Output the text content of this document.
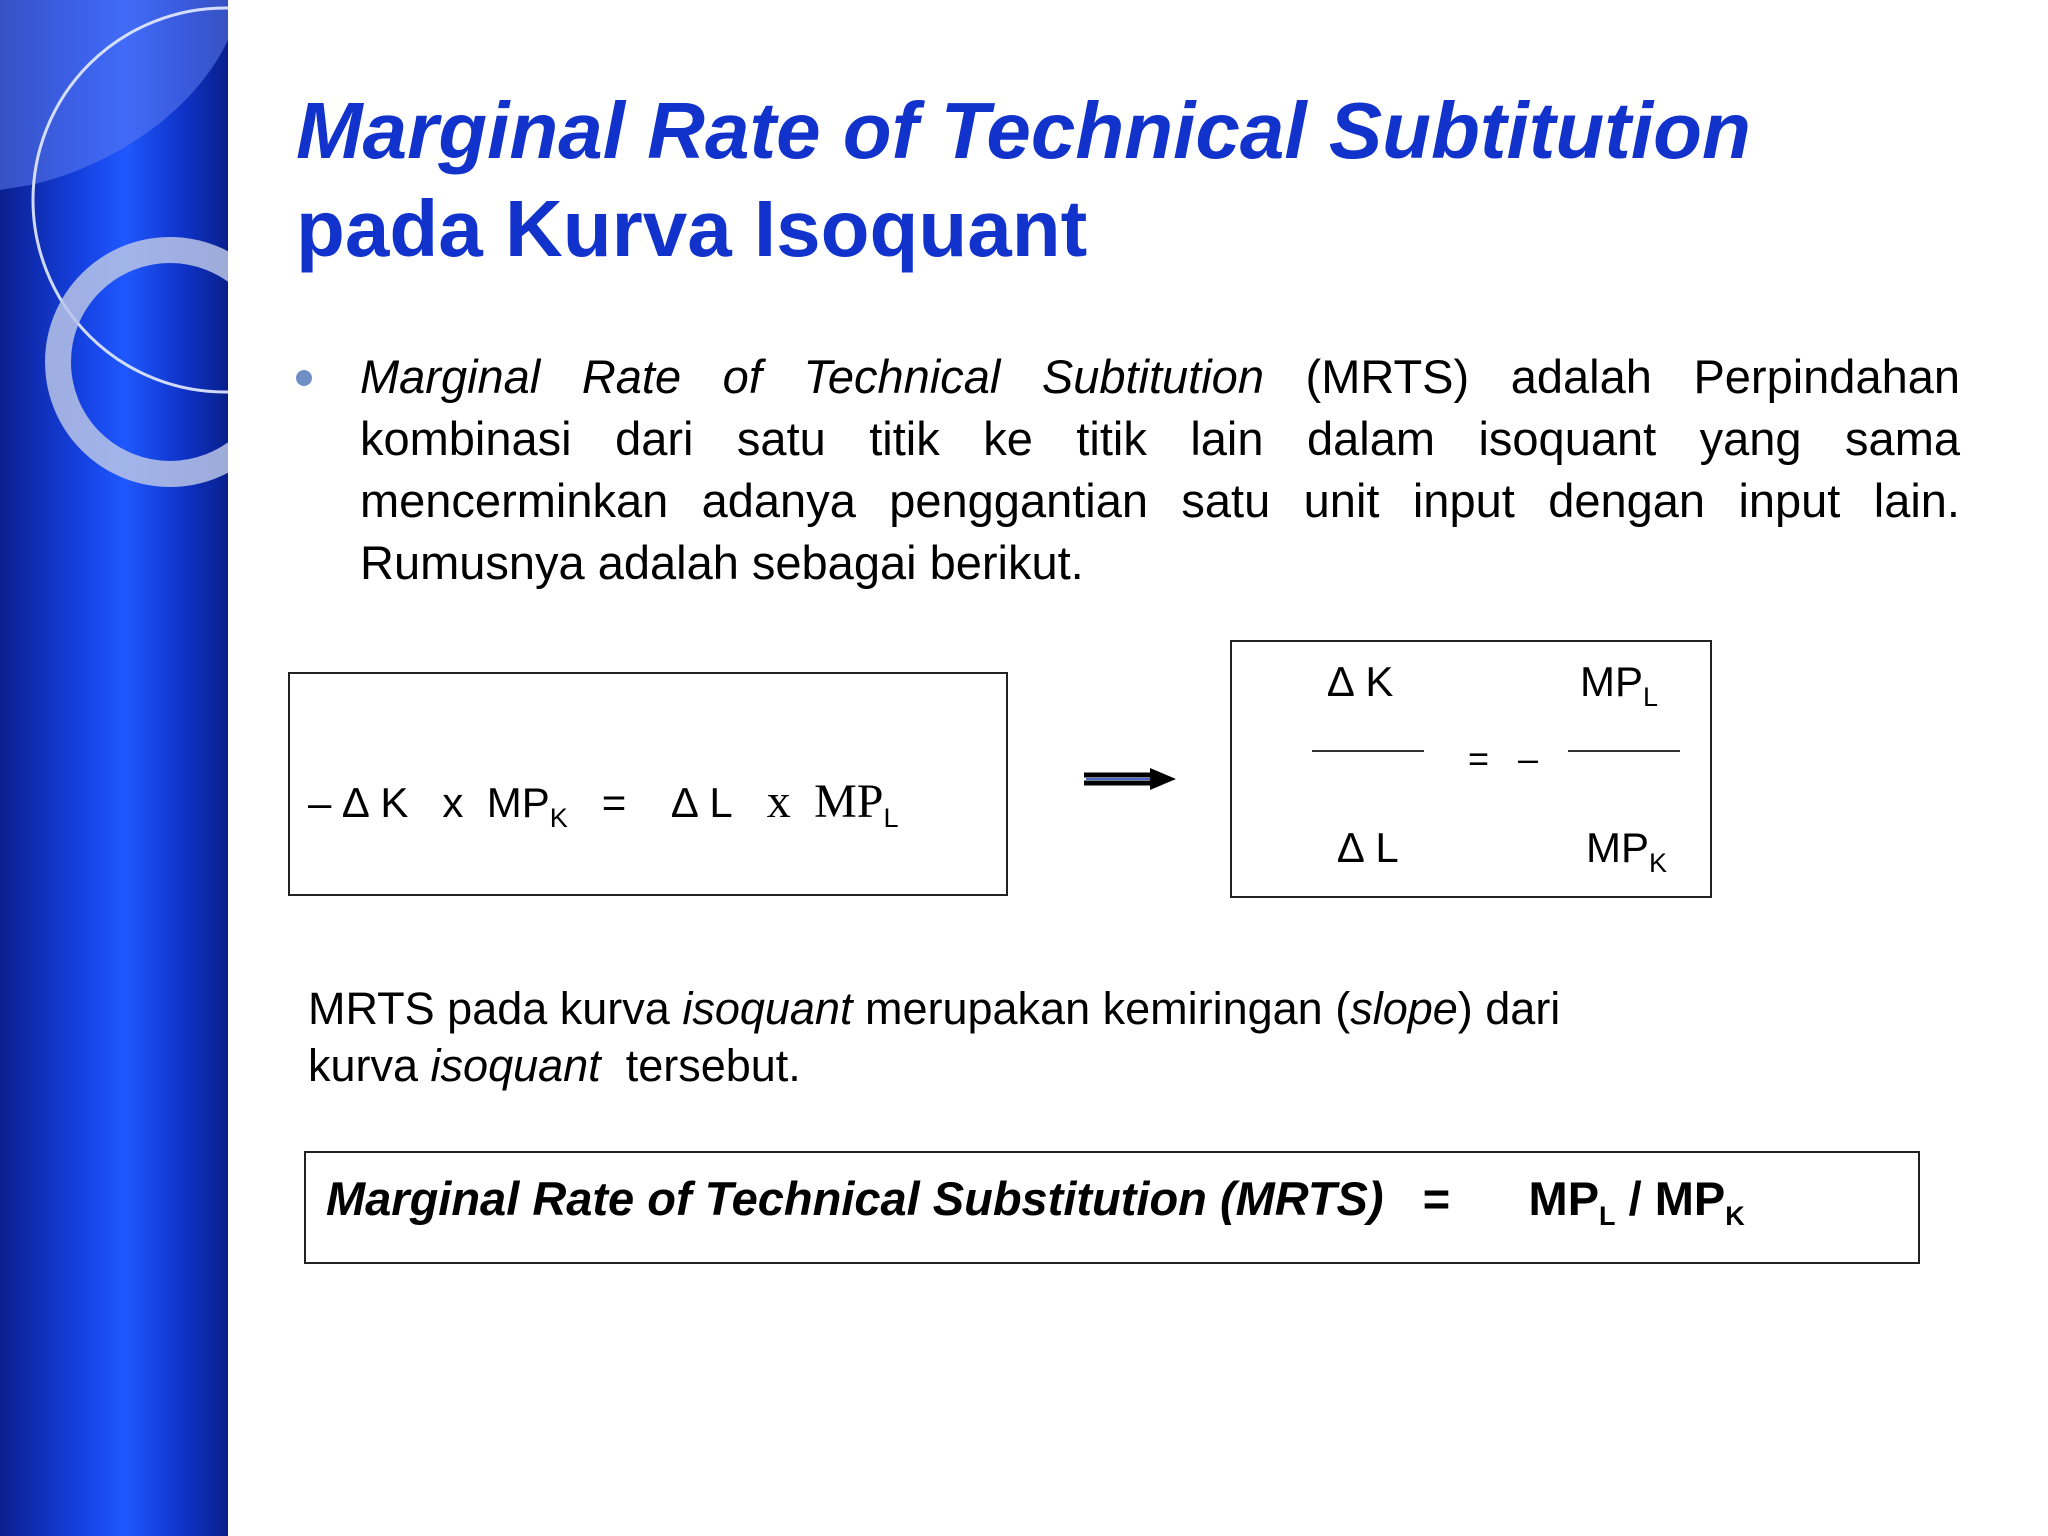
Marginal Rate of Technical Subtitution
pada Kurva Isoquant

Marginal Rate of Technical Subtitution (MRTS) adalah Perpindahan kombinasi dari satu titik ke titik lain dalam isoquant yang sama mencerminkan adanya penggantian satu unit input dengan input lain. Rumusnya adalah sebagai berikut.

– ∆ K x $MP_K$ = ∆ L x $MP_L$
∆ K	$MP_L$
= –
∆ L	$MP_K$

MRTS pada kurva isoquant merupakan kemiringan (slope) dari
kurva isoquant  tersebut.

Marginal Rate of Technical Substitution (MRTS) = $MP_L / MP_K$
